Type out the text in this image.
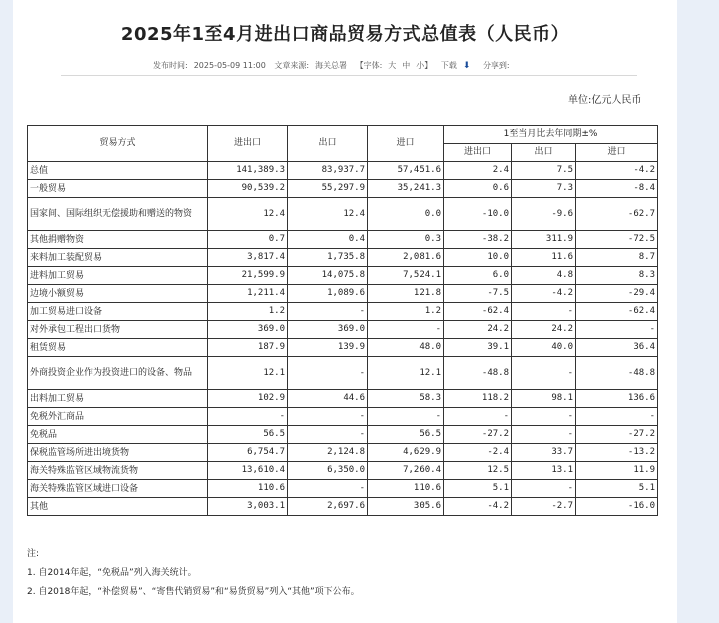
2025年1至4月进出口商品贸易方式总值表（人民币）
发布时间: 2025-05-09 11:00 文章来源: 海关总署 【字体: 大 中 小】 下载 ⬇ 分享到:
单位:亿元人民币
贸易方式	进出口	出口	进口	1至当月比去年同期±%		
				进出口	出口	进口
总值	141,389.3	83,937.7	57,451.6	2.4	7.5	-4.2
一般贸易	90,539.2	55,297.9	35,241.3	0.6	7.3	-8.4
国家间、国际组织无偿援助和赠送的物资	12.4	12.4	0.0	-10.0	-9.6	-62.7
其他捐赠物资	0.7	0.4	0.3	-38.2	311.9	-72.5
来料加工装配贸易	3,817.4	1,735.8	2,081.6	10.0	11.6	8.7
进料加工贸易	21,599.9	14,075.8	7,524.1	6.0	4.8	8.3
边境小额贸易	1,211.4	1,089.6	121.8	-7.5	-4.2	-29.4
加工贸易进口设备	1.2	-	1.2	-62.4	-	-62.4
对外承包工程出口货物	369.0	369.0	-	24.2	24.2	-
租赁贸易	187.9	139.9	48.0	39.1	40.0	36.4
外商投资企业作为投资进口的设备、物品	12.1	-	12.1	-48.8	-	-48.8
出料加工贸易	102.9	44.6	58.3	118.2	98.1	136.6
免税外汇商品	-	-	-	-	-	-
免税品	56.5	-	56.5	-27.2	-	-27.2
保税监管场所进出境货物	6,754.7	2,124.8	4,629.9	-2.4	33.7	-13.2
海关特殊监管区域物流货物	13,610.4	6,350.0	7,260.4	12.5	13.1	11.9
海关特殊监管区域进口设备	110.6	-	110.6	5.1	-	5.1
其他	3,003.1	2,697.6	305.6	-4.2	-2.7	-16.0
注:
1. 自2014年起，“免税品”列入海关统计。
2. 自2018年起，“补偿贸易”、“寄售代销贸易”和“易货贸易”列入“其他”项下公布。
